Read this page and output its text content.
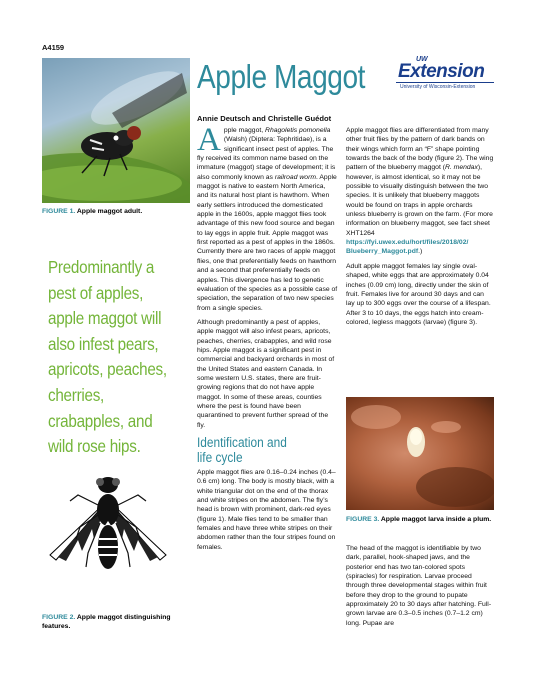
A4159
FIGURE 1. Apple maggot adult.
Predominantly a pest of apples, apple maggot will also infest pears, apricots, peaches, cherries, crabapples, and wild rose hips.
FIGURE 2. Apple maggot distinguishing features.
Apple Maggot	UW
Extension
University of Wisconsin-Extension
Annie Deutsch and Christelle Guédot

Apple maggot, Rhagoletis pomonella (Walsh) (Diptera: Tephritidae), is a significant insect pest of apples. The fly received its common name based on the immature (maggot) stage of development; it is also commonly known as railroad worm. Apple maggot is native to eastern North America, and its natural host plant is hawthorn. When early settlers introduced the domesticated apple in the 1600s, apple maggot flies took advantage of this new food source and began to lay eggs in apple fruit. Apple maggot was first reported as a pest of apples in the 1860s. Currently there are two races of apple maggot flies, one that preferentially feeds on hawthorn and a second that preferentially feeds on apples. This divergence has led to genetic evaluation of the species as a possible case of speciation, the separation of two new species from a single species.

Although predominantly a pest of apples, apple maggot will also infest pears, apricots, peaches, cherries, crabapples, and wild rose hips. Apple maggot is a significant pest in commercial and backyard orchards in most of the United States and eastern Canada. In some western U.S. states, there are fruit-growing regions that do not have apple maggot. In some of these areas, counties where the pest is found have been quarantined to prevent further spread of the fly.

Identification and
life cycle

Apple maggot flies are 0.16–0.24 inches (0.4–0.6 cm) long. The body is mostly black, with a white triangular dot on the end of the thorax and white stripes on the abdomen. The fly’s head is brown with prominent, dark-red eyes (figure 1). Male flies tend to be smaller than females and have three white stripes on their abdomen rather than the four stripes found on females.

Apple maggot flies are differentiated from many other fruit flies by the pattern of dark bands on their wings which form an “F” shape pointing towards the back of the body (figure 2). The wing pattern of the blueberry maggot (R. mendax), however, is almost identical, so it may not be possible to visually distinguish between the two species. It is unlikely that blueberry maggots would be found on traps in apple orchards unless blueberry is grown on the farm. (For more information on blueberry maggot, see fact sheet XHT1264 https://fyi.uwex.edu/hort/files/2018/02/ Blueberry_Maggot.pdf.)

Adult apple maggot females lay single oval-shaped, white eggs that are approximately 0.04 inches (0.09 cm) long, directly under the skin of fruit. Females live for around 30 days and can lay up to 300 eggs over the course of a lifespan. After 3 to 10 days, the eggs hatch into cream-colored, legless maggots (larvae) (figure 3).

FIGURE 3. Apple maggot larva inside a plum.

The head of the maggot is identifiable by two dark, parallel, hook-shaped jaws, and the posterior end has two tan-colored spots (spiracles) for respiration. Larvae proceed through three developmental stages within fruit before they drop to the ground to pupate approximately 20 to 30 days after hatching. Full-grown larvae are 0.3–0.5 inches (0.7–1.2 cm) long. Pupae are
